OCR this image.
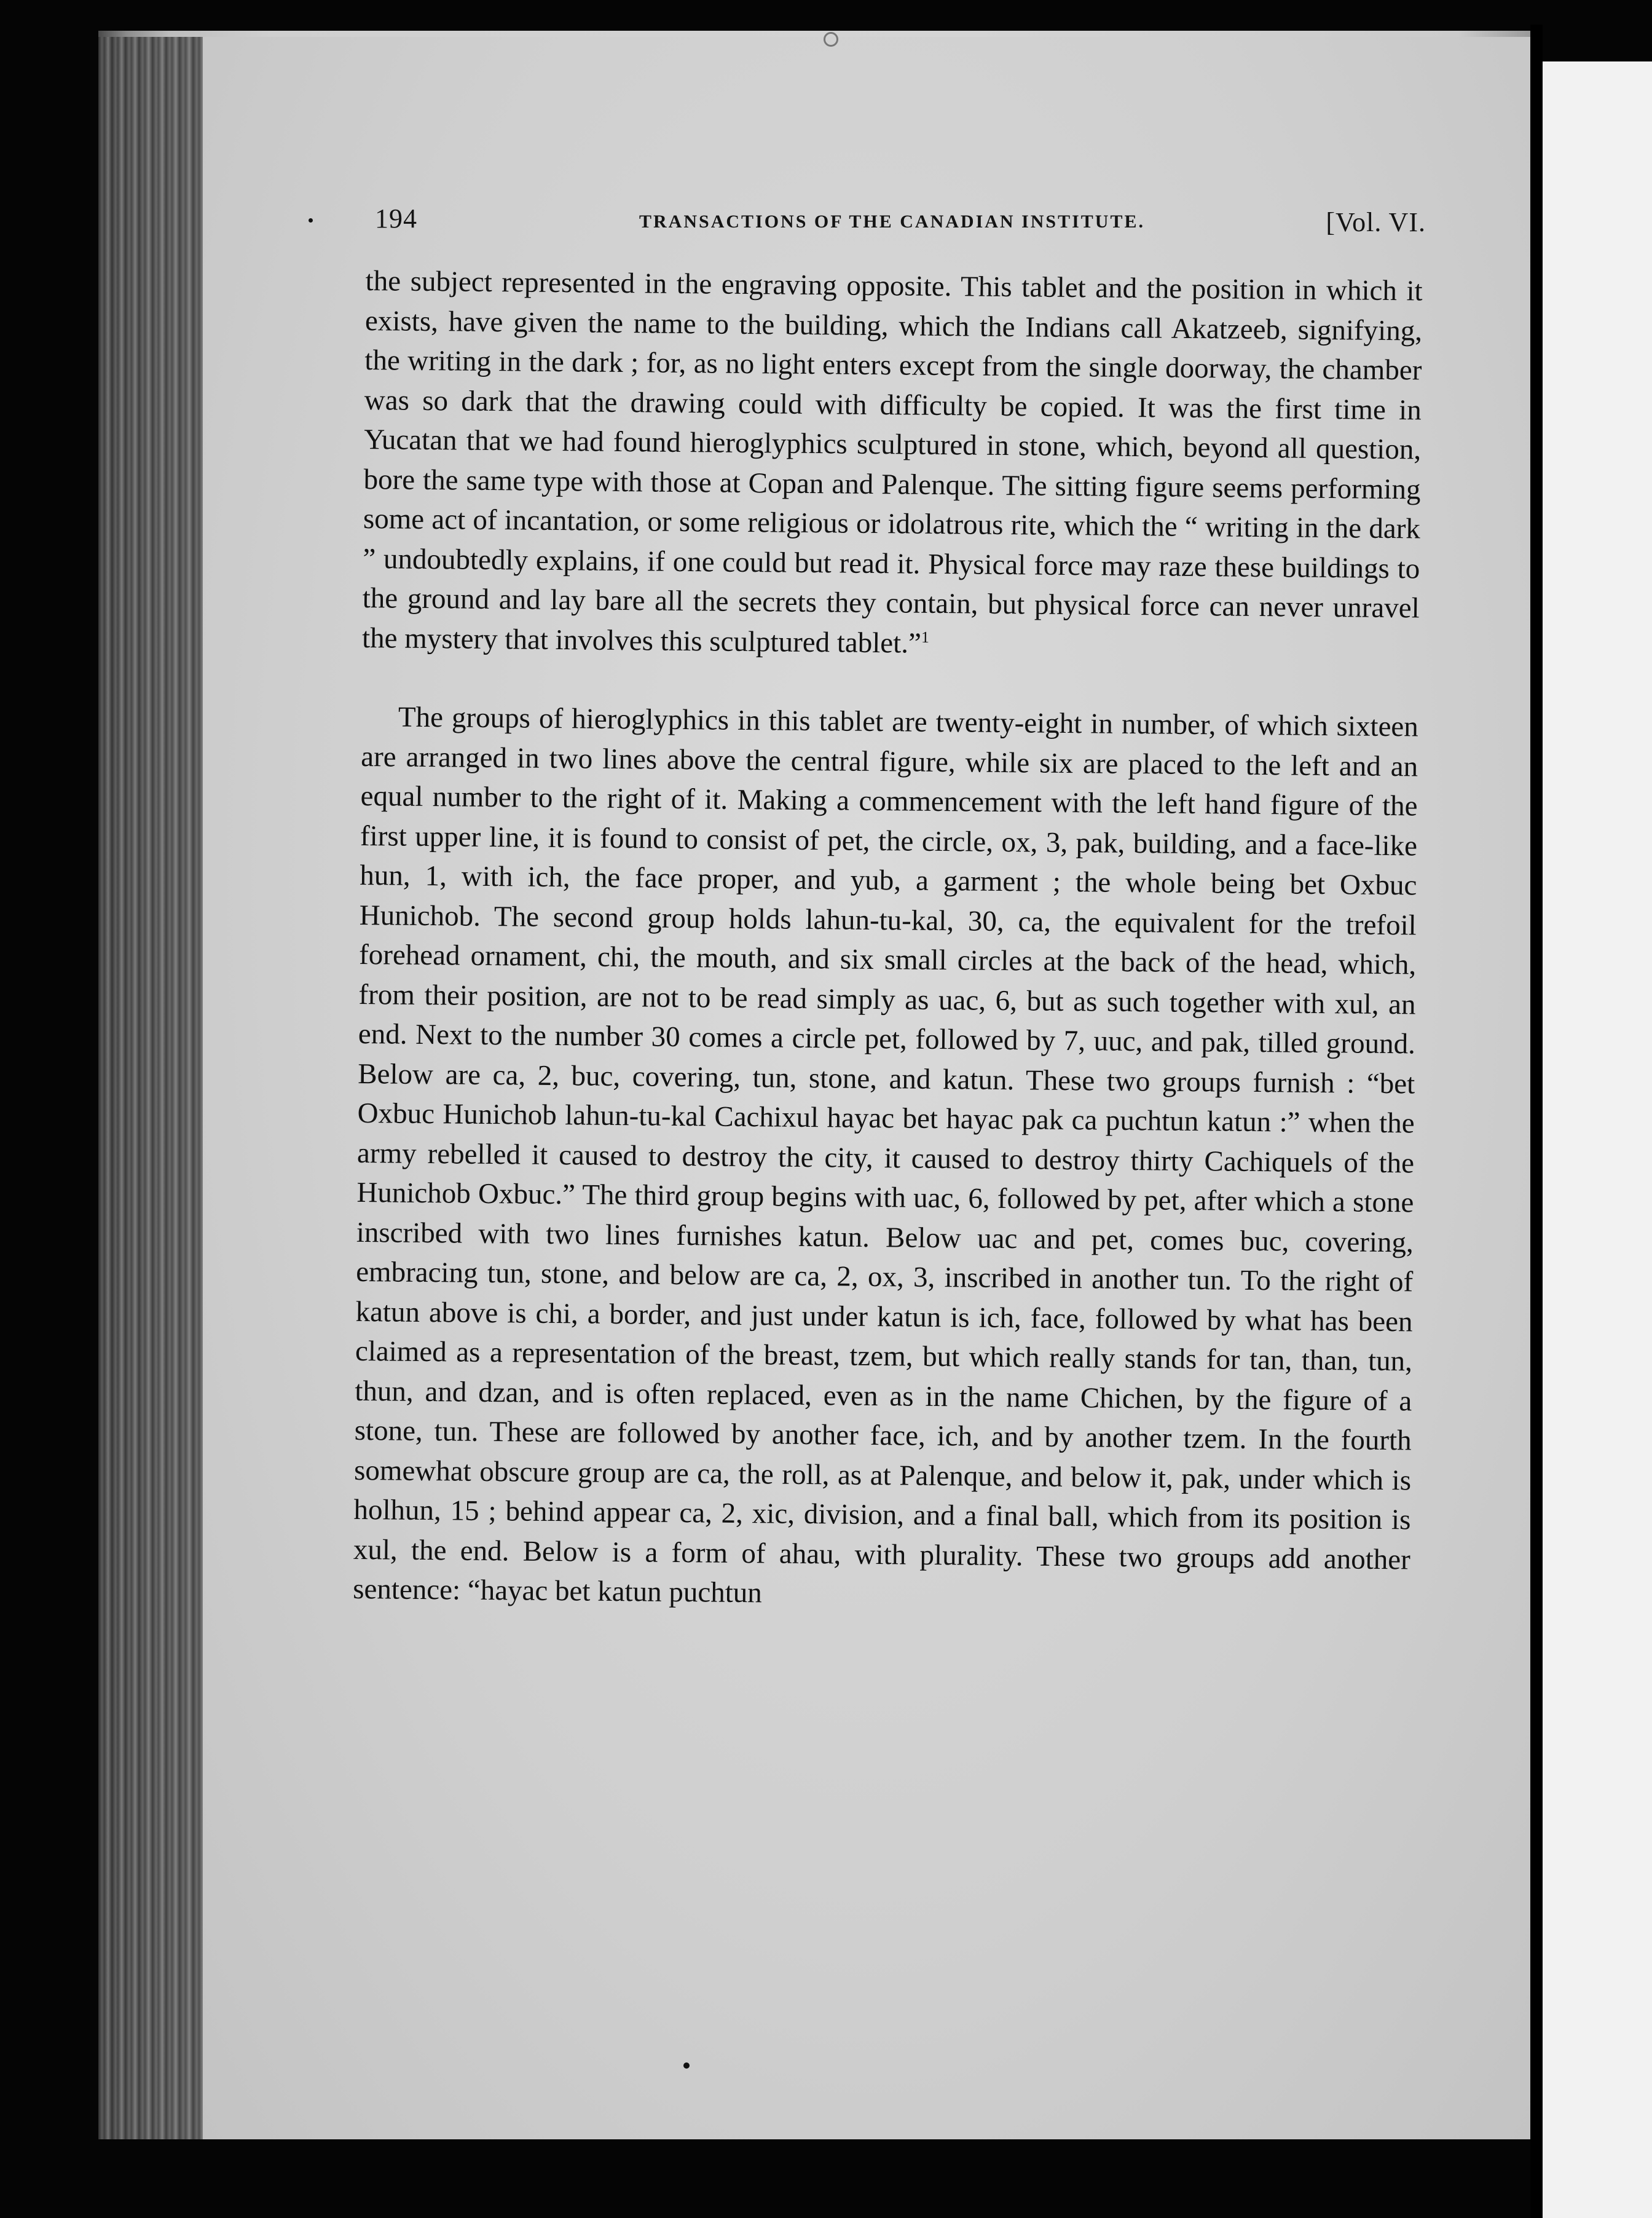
194	TRANSACTIONS OF THE CANADIAN INSTITUTE.	[Vol. VI.

the subject represented in the engraving opposite. This tablet and the position in which it exists, have given the name to the building, which the Indians call Akatzeeb, signifying, the writing in the dark ; for, as no light enters except from the single doorway, the chamber was so dark that the drawing could with difficulty be copied. It was the first time in Yucatan that we had found hieroglyphics sculptured in stone, which, beyond all question, bore the same type with those at Copan and Palenque. The sitting figure seems performing some act of incantation, or some religious or idolatrous rite, which the “ writing in the dark ” undoubtedly explains, if one could but read it. Physical force may raze these buildings to the ground and lay bare all the secrets they contain, but physical force can never unravel the mystery that involves this sculptured tablet.”$^1$

The groups of hieroglyphics in this tablet are twenty-eight in number, of which sixteen are arranged in two lines above the central figure, while six are placed to the left and an equal number to the right of it. Making a commencement with the left hand figure of the first upper line, it is found to consist of pet, the circle, ox, 3, pak, building, and a face-like hun, 1, with ich, the face proper, and yub, a garment ; the whole being bet Oxbuc Hunichob. The second group holds lahun-tu-kal, 30, ca, the equivalent for the trefoil forehead ornament, chi, the mouth, and six small circles at the back of the head, which, from their position, are not to be read simply as uac, 6, but as such together with xul, an end. Next to the number 30 comes a circle pet, followed by 7, uuc, and pak, tilled ground. Below are ca, 2, buc, covering, tun, stone, and katun. These two groups furnish : “bet Oxbuc Hunichob lahun-tu-kal Cachixul hayac bet hayac pak ca puchtun katun :” when the army rebelled it caused to destroy the city, it caused to destroy thirty Cachiquels of the Hunichob Oxbuc.” The third group begins with uac, 6, followed by pet, after which a stone inscribed with two lines furnishes katun. Below uac and pet, comes buc, covering, embracing tun, stone, and below are ca, 2, ox, 3, inscribed in another tun. To the right of katun above is chi, a border, and just under katun is ich, face, followed by what has been claimed as a representation of the breast, tzem, but which really stands for tan, than, tun, thun, and dzan, and is often replaced, even as in the name Chichen, by the figure of a stone, tun. These are followed by another face, ich, and by another tzem. In the fourth somewhat obscure group are ca, the roll, as at Palenque, and below it, pak, under which is holhun, 15 ; behind appear ca, 2, xic, division, and a final ball, which from its position is xul, the end. Below is a form of ahau, with plurality. These two groups add another sentence: “hayac bet katun puchtun
